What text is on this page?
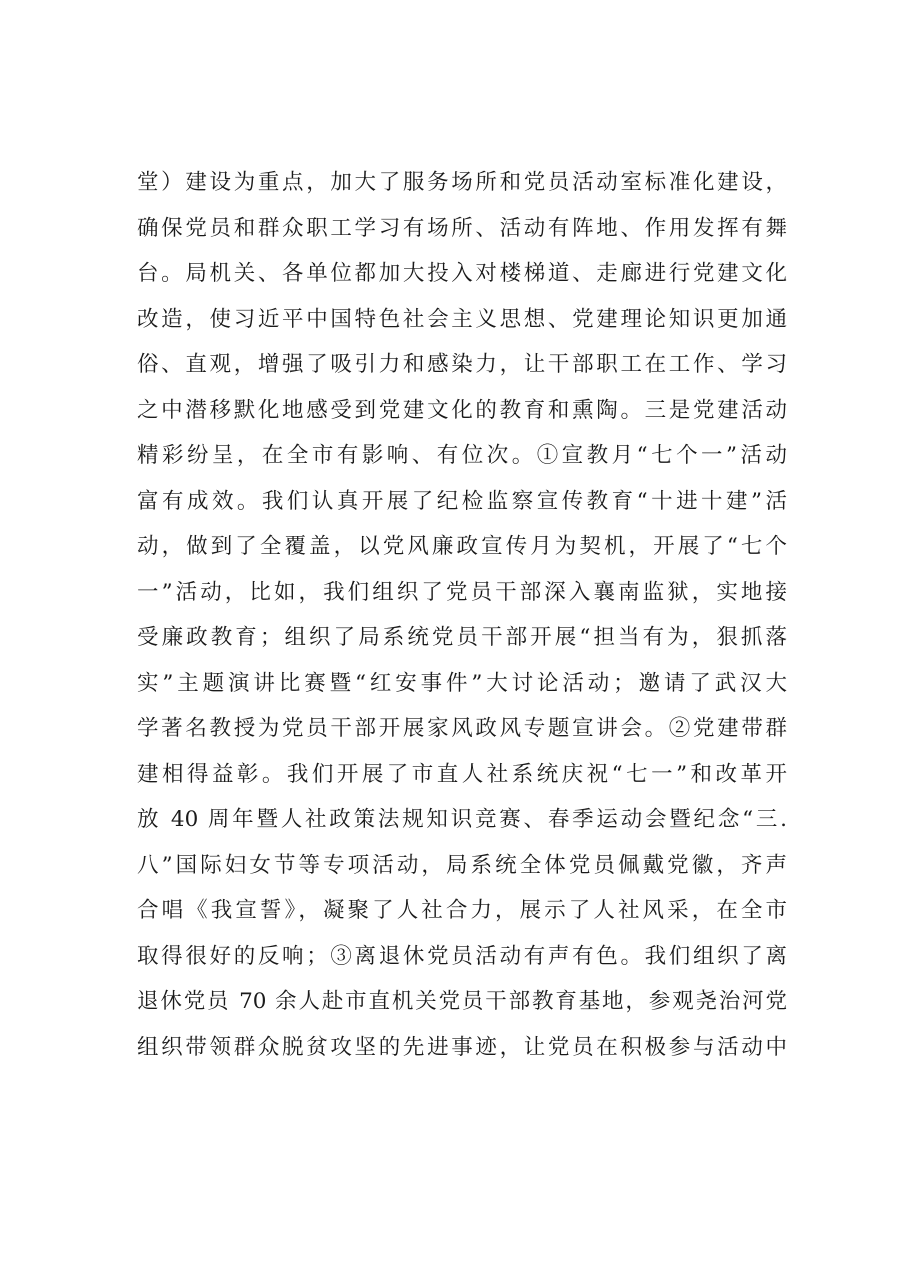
堂）建设为重点，加大了服务场所和党员活动室标准化建设，
确保党员和群众职工学习有场所、活动有阵地、作用发挥有舞
台。局机关、各单位都加大投入对楼梯道、走廊进行党建文化
改造，使习近平中国特色社会主义思想、党建理论知识更加通
俗、直观，增强了吸引力和感染力，让干部职工在工作、学习
之中潜移默化地感受到党建文化的教育和熏陶。三是党建活动
精彩纷呈，在全市有影响、有位次。①宣教月“七个一”活动
富有成效。我们认真开展了纪检监察宣传教育“十进十建”活
动，做到了全覆盖，以党风廉政宣传月为契机，开展了“七个
一”活动，比如，我们组织了党员干部深入襄南监狱，实地接
受廉政教育；组织了局系统党员干部开展“担当有为，狠抓落
实”主题演讲比赛暨“红安事件”大讨论活动；邀请了武汉大
学著名教授为党员干部开展家风政风专题宣讲会。②党建带群
建相得益彰。我们开展了市直人社系统庆祝“七一”和改革开
放 40 周年暨人社政策法规知识竞赛、春季运动会暨纪念“三.
八”国际妇女节等专项活动，局系统全体党员佩戴党徽，齐声
合唱《我宣誓》，凝聚了人社合力，展示了人社风采，在全市
取得很好的反响；③离退休党员活动有声有色。我们组织了离
退休党员 70 余人赴市直机关党员干部教育基地，参观尧治河党
组织带领群众脱贫攻坚的先进事迹，让党员在积极参与活动中
